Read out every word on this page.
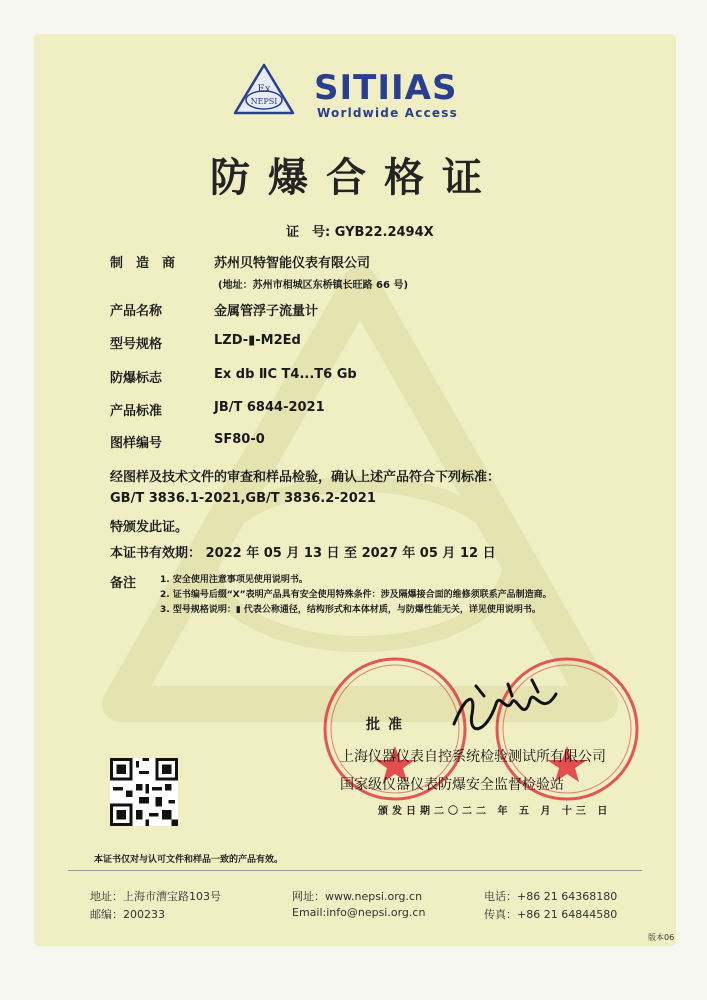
Ex
NEPSI SITIIAS
Worldwide Access
防爆合格证
证　号: GYB22.2494X
制　造　商	苏州贝特智能仪表有限公司
(地址：苏州市相城区东桥镇长旺路 66 号)
产品名称	金属管浮子流量计
型号规格	LZD-▮-M2Ed
防爆标志	Ex db ⅡC T4...T6 Gb
产品标准	JB/T 6844-2021
图样编号	SF80-0
经图样及技术文件的审查和样品检验，确认上述产品符合下列标准：
GB/T 3836.1-2021,GB/T 3836.2-2021
特颁发此证。
本证书有效期： 2022 年 05 月 13 日 至 2027 年 05 月 12 日
备注	1. 安全使用注意事项见使用说明书。
2. 证书编号后缀“X”表明产品具有安全使用特殊条件：涉及隔爆接合面的维修须联系产品制造商。
3. 型号规格说明：▮ 代表公称通径，结构形式和本体材质，与防爆性能无关，详见使用说明书。
批准
上海仪器仪表自控系统检验测试所有限公司
国家级仪器仪表防爆安全监督检验站
颁发日期二〇二二 年 五 月 十三 日
本证书仅对与认可文件和样品一致的产品有效。
地址：上海市漕宝路103号
邮编：200233
网址：www.nepsi.org.cn
Email:info@nepsi.org.cn
电话：+86 21 64368180
传真：+86 21 64844580
版本06
